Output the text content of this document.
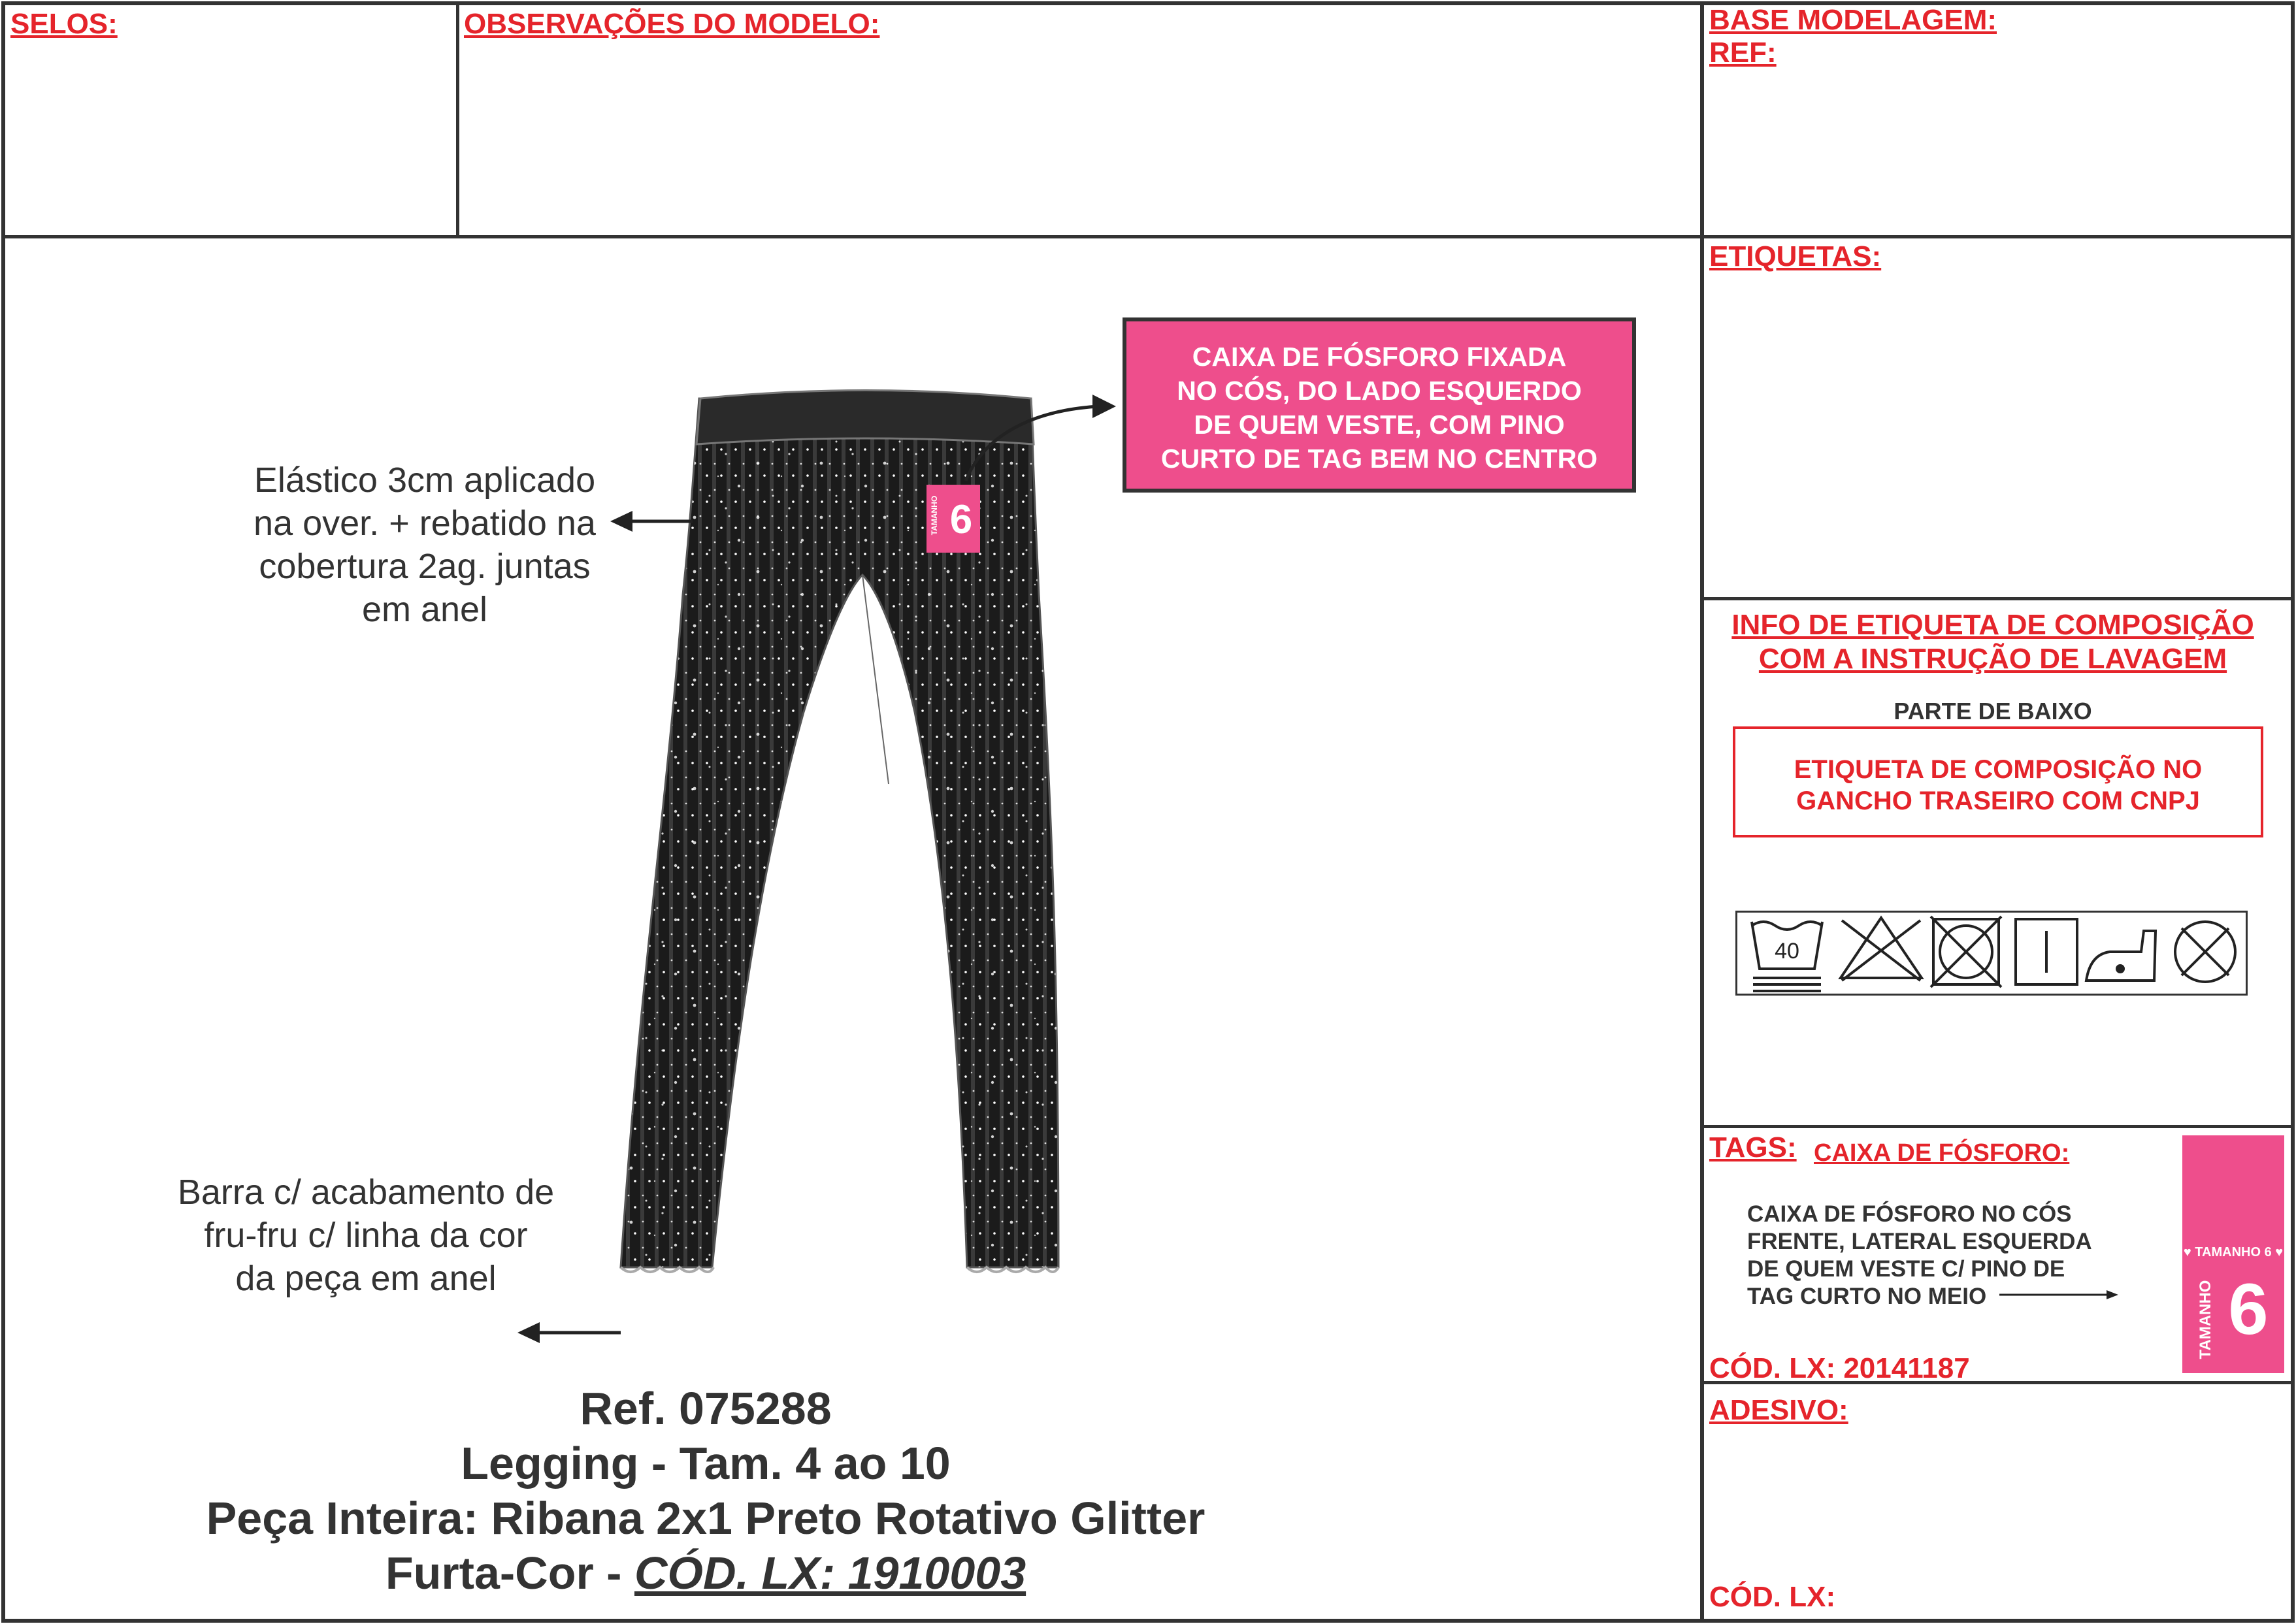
SELOS:	OBSERVAÇÕES DO MODELO:	BASE MODELAGEM:
REF:
ETIQUETAS:
INFO DE ETIQUETA DE COMPOSIÇÃO
COM A INSTRUÇÃO DE LAVAGEM
PARTE DE BAIXO
ETIQUETA DE COMPOSIÇÃO NO
GANCHO TRASEIRO COM CNPJ
40
TAGS: CAIXA DE FÓSFORO:
CAIXA DE FÓSFORO NO CÓS
FRENTE, LATERAL ESQUERDA
DE QUEM VESTE C/ PINO DE
TAG CURTO NO MEIO
CÓD. LX: 20141187
♥ TAMANHO 6 ♥
TAMANHO 6
ADESIVO:
CÓD. LX:
CAIXA DE FÓSFORO FIXADA
NO CÓS, DO LADO ESQUERDO
DE QUEM VESTE, COM PINO
CURTO DE TAG BEM NO CENTRO
TAMANHO 6
Elástico 3cm aplicado
na over. + rebatido na
cobertura 2ag. juntas
em anel
Barra c/ acabamento de
fru-fru c/ linha da cor
da peça em anel
Ref. 075288
Legging - Tam. 4 ao 10
Peça Inteira: Ribana 2x1 Preto Rotativo Glitter
Furta-Cor - CÓD. LX: 1910003
